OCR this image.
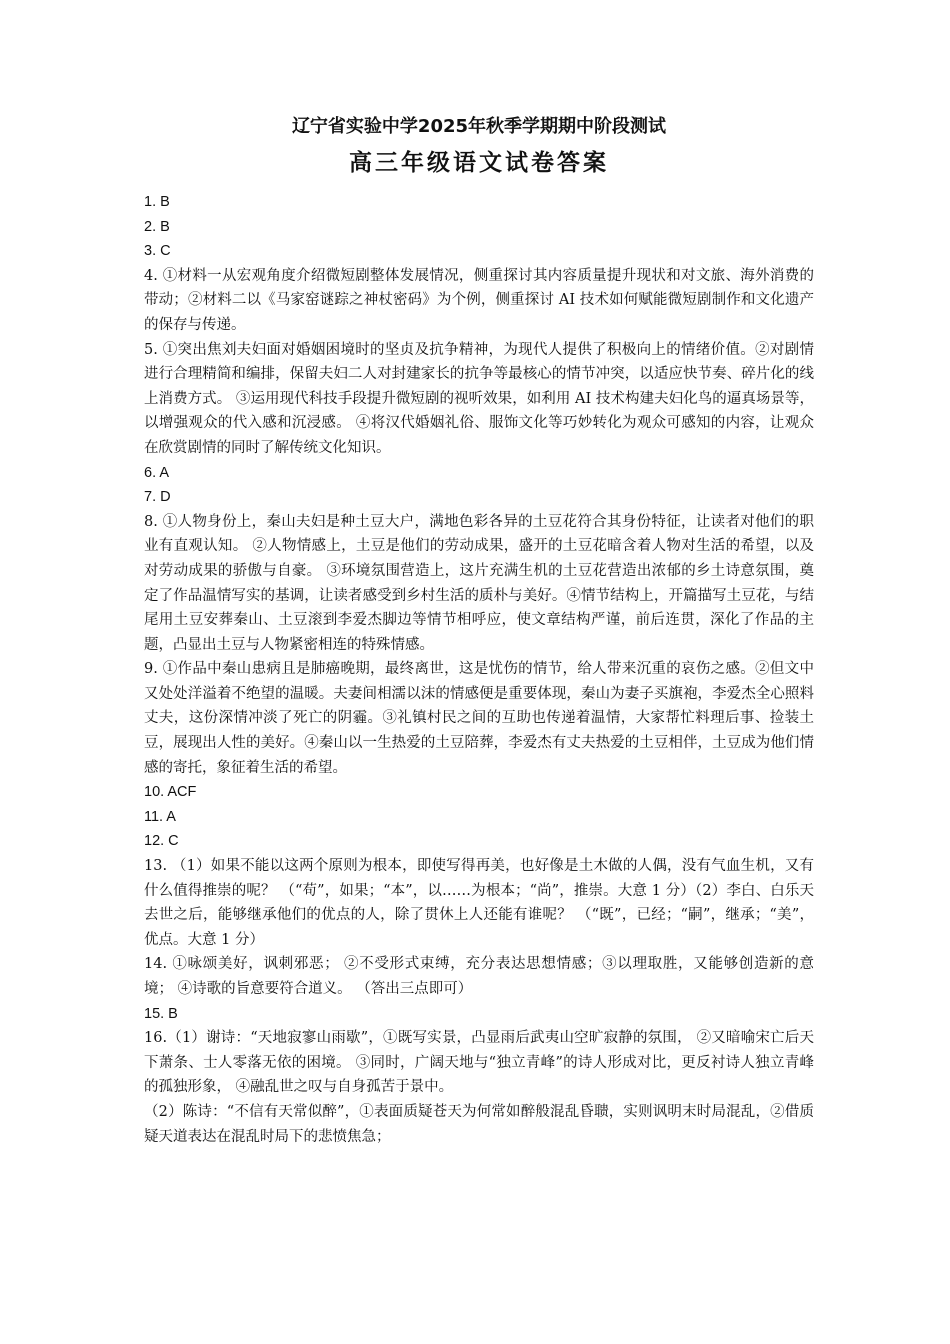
辽宁省实验中学2025年秋季学期期中阶段测试
高三年级语文试卷答案

1. B

2. B

3. C

4. ①材料一从宏观角度介绍微短剧整体发展情况，侧重探讨其内容质量提升现状和对文旅、海外消费的带动；②材料二以《马家窑谜踪之神杖密码》为个例，侧重探讨 AI 技术如何赋能微短剧制作和文化遗产的保存与传递。

5. ①突出焦刘夫妇面对婚姻困境时的坚贞及抗争精神，为现代人提供了积极向上的情绪价值。②对剧情进行合理精简和编排，保留夫妇二人对封建家长的抗争等最核心的情节冲突，以适应快节奏、碎片化的线上消费方式。 ③运用现代科技手段提升微短剧的视听效果，如利用 AI 技术构建夫妇化鸟的逼真场景等，以增强观众的代入感和沉浸感。 ④将汉代婚姻礼俗、服饰文化等巧妙转化为观众可感知的内容，让观众在欣赏剧情的同时了解传统文化知识。

6. A

7. D

8. ①人物身份上，秦山夫妇是种土豆大户，满地色彩各异的土豆花符合其身份特征，让读者对他们的职业有直观认知。 ②人物情感上，土豆是他们的劳动成果，盛开的土豆花暗含着人物对生活的希望，以及对劳动成果的骄傲与自豪。 ③环境氛围营造上，这片充满生机的土豆花营造出浓郁的乡土诗意氛围，奠定了作品温情写实的基调，让读者感受到乡村生活的质朴与美好。④情节结构上，开篇描写土豆花，与结尾用土豆安葬秦山、土豆滚到李爱杰脚边等情节相呼应，使文章结构严谨，前后连贯，深化了作品的主题，凸显出土豆与人物紧密相连的特殊情感。

9. ①作品中秦山患病且是肺癌晚期，最终离世，这是忧伤的情节，给人带来沉重的哀伤之感。②但文中又处处洋溢着不绝望的温暖。夫妻间相濡以沫的情感便是重要体现，秦山为妻子买旗袍，李爱杰全心照料丈夫，这份深情冲淡了死亡的阴霾。③礼镇村民之间的互助也传递着温情，大家帮忙料理后事、捡装土豆，展现出人性的美好。④秦山以一生热爱的土豆陪葬，李爱杰有丈夫热爱的土豆相伴，土豆成为他们情感的寄托，象征着生活的希望。

10. ACF

11. A

12. C

13. （1）如果不能以这两个原则为根本，即使写得再美，也好像是土木做的人偶，没有气血生机，又有什么值得推崇的呢？ （“苟”，如果；“本”，以……为根本；“尚”，推崇。大意 1 分）（2）李白、白乐天去世之后，能够继承他们的优点的人，除了贯休上人还能有谁呢？ （“既”，已经；“嗣”，继承；“美”，优点。大意 1 分）

14. ①咏颂美好，讽刺邪恶； ②不受形式束缚，充分表达思想情感；③以理取胜，又能够创造新的意境； ④诗歌的旨意要符合道义。 （答出三点即可）

15. B

16.（1）谢诗：“天地寂寥山雨歇”，①既写实景，凸显雨后武夷山空旷寂静的氛围， ②又暗喻宋亡后天下萧条、士人零落无依的困境。 ③同时，广阔天地与“独立青峰”的诗人形成对比，更反衬诗人独立青峰的孤独形象， ④融乱世之叹与自身孤苦于景中。

（2）陈诗：“不信有天常似醉”，①表面质疑苍天为何常如醉般混乱昏聩，实则讽明末时局混乱，②借质疑天道表达在混乱时局下的悲愤焦急；
